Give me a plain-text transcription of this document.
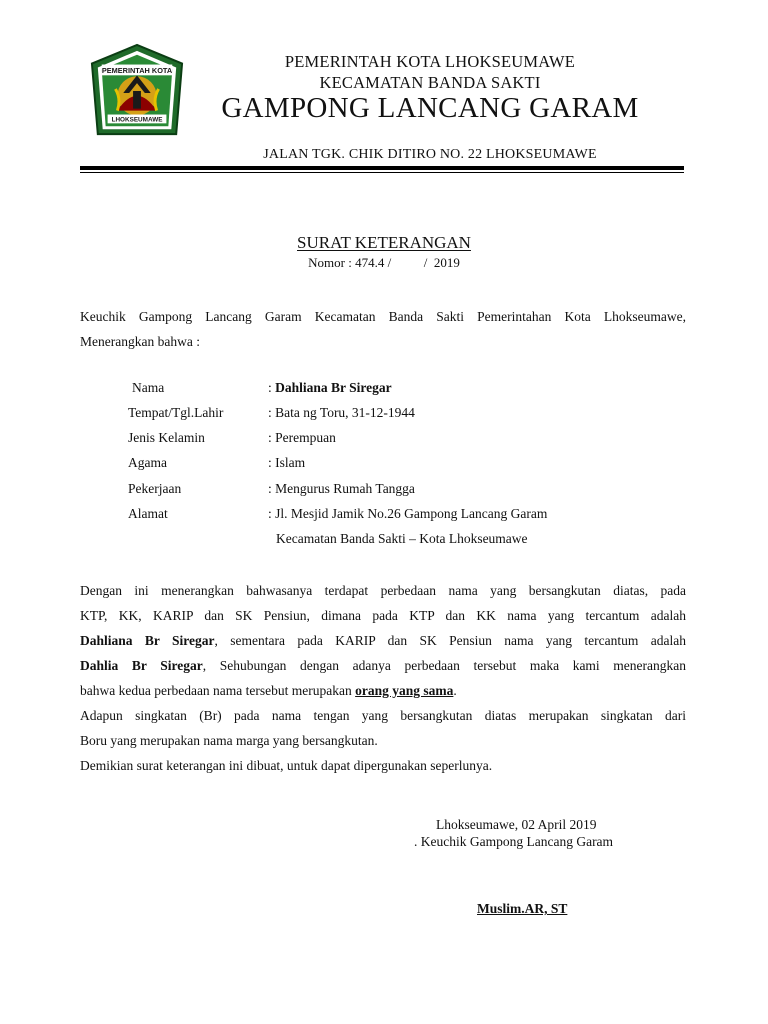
PEMERINTAH KOTA
LHOKSEUMAWE
PEMERINTAH KOTA LHOKSEUMAWE
KECAMATAN BANDA SAKTI
GAMPONG LANCANG GARAM
JALAN TGK. CHIK DITIRO NO. 22 LHOKSEUMAWE
SURAT KETERANGAN
Nomor : 474.4 /          /  2019
Keuchik Gampong Lancang Garam Kecamatan Banda Sakti Pemerintahan Kota Lhokseumawe,
Menerangkan bahwa :
Nama	: Dahliana Br Siregar
Tempat/Tgl.Lahir	: Bata ng Toru, 31-12-1944
Jenis Kelamin	: Perempuan
Agama	: Islam
Pekerjaan	: Mengurus Rumah Tangga
Alamat	: Jl. Mesjid Jamik No.26 Gampong Lancang Garam
Kecamatan Banda Sakti – Kota Lhokseumawe
Dengan ini menerangkan bahwasanya terdapat perbedaan nama yang bersangkutan diatas, pada
KTP, KK, KARIP dan SK Pensiun, dimana pada KTP dan KK nama yang tercantum adalah
Dahliana Br Siregar, sementara pada KARIP dan SK Pensiun nama yang tercantum adalah
Dahlia Br Siregar, Sehubungan dengan adanya perbedaan tersebut maka kami menerangkan
bahwa kedua perbedaan nama tersebut merupakan orang yang sama.
Adapun singkatan (Br) pada nama tengan yang bersangkutan diatas merupakan singkatan dari
Boru yang merupakan nama marga yang bersangkutan.
Demikian surat keterangan ini dibuat, untuk dapat dipergunakan seperlunya.
Lhokseumawe, 02 April 2019
. Keuchik Gampong Lancang Garam
Muslim.AR, ST
